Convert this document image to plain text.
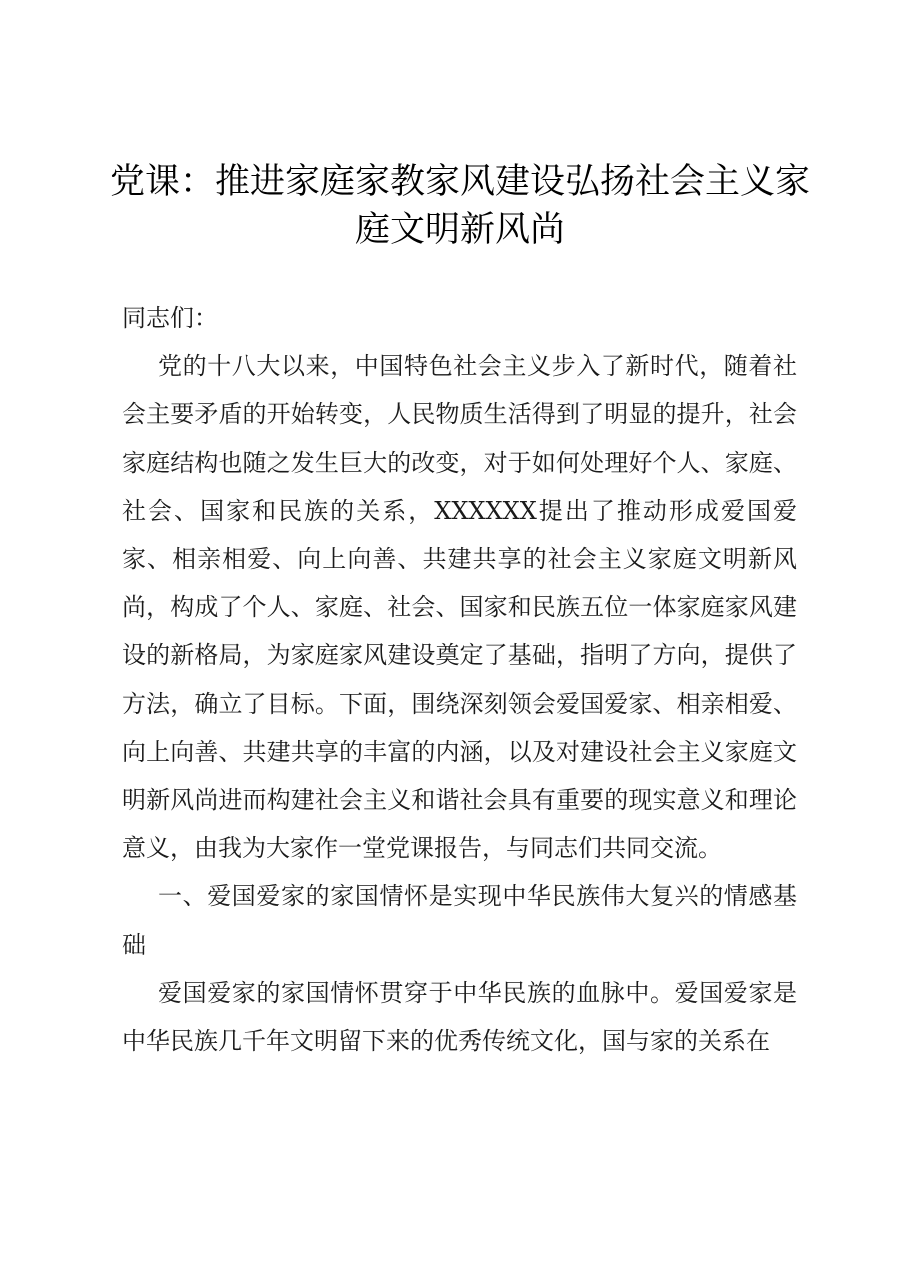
党课：推进家庭家教家风建设弘扬社会主义家庭文明新风尚

同志们：

党的十八大以来，中国特色社会主义步入了新时代，随着社会主要矛盾的开始转变，人民物质生活得到了明显的提升，社会家庭结构也随之发生巨大的改变，对于如何处理好个人、家庭、社会、国家和民族的关系，XXXXXX提出了推动形成爱国爱家、相亲相爱、向上向善、共建共享的社会主义家庭文明新风尚，构成了个人、家庭、社会、国家和民族五位一体家庭家风建设的新格局，为家庭家风建设奠定了基础，指明了方向，提供了方法，确立了目标。下面，围绕深刻领会爱国爱家、相亲相爱、向上向善、共建共享的丰富的内涵，以及对建设社会主义家庭文明新风尚进而构建社会主义和谐社会具有重要的现实意义和理论意义，由我为大家作一堂党课报告，与同志们共同交流。

一、爱国爱家的家国情怀是实现中华民族伟大复兴的情感基础

爱国爱家的家国情怀贯穿于中华民族的血脉中。爱国爱家是中华民族几千年文明留下来的优秀传统文化，国与家的关系在
